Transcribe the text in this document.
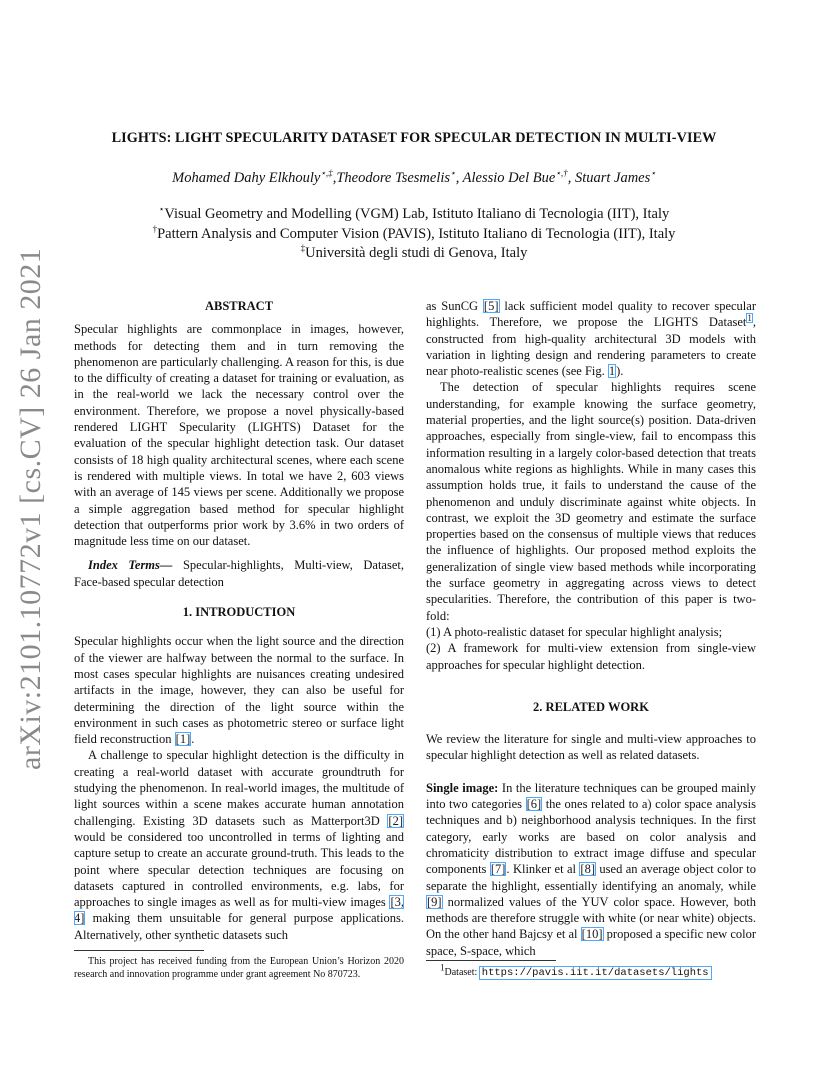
arXiv:2101.10772v1 [cs.CV] 26 Jan 2021
LIGHTS: LIGHT SPECULARITY DATASET FOR SPECULAR DETECTION IN MULTI-VIEW
Mohamed Dahy Elkhouly⋆,‡,Theodore Tsesmelis⋆, Alessio Del Bue⋆,†, Stuart James⋆
⋆Visual Geometry and Modelling (VGM) Lab, Istituto Italiano di Tecnologia (IIT), Italy
†Pattern Analysis and Computer Vision (PAVIS), Istituto Italiano di Tecnologia (IIT), Italy
‡Università degli studi di Genova, Italy
ABSTRACT

Specular highlights are commonplace in images, however, methods for detecting them and in turn removing the phenomenon are particularly challenging. A reason for this, is due to the difficulty of creating a dataset for training or evaluation, as in the real-world we lack the necessary control over the environment. Therefore, we propose a novel physically-based rendered LIGHT Specularity (LIGHTS) Dataset for the evaluation of the specular highlight detection task. Our dataset consists of 18 high quality architectural scenes, where each scene is rendered with multiple views. In total we have 2, 603 views with an average of 145 views per scene. Additionally we propose a simple aggregation based method for specular highlight detection that outperforms prior work by 3.6% in two orders of magnitude less time on our dataset.

Index Terms— Specular-highlights, Multi-view, Dataset, Face-based specular detection

1. INTRODUCTION

Specular highlights occur when the light source and the direction of the viewer are halfway between the normal to the surface. In most cases specular highlights are nuisances creating undesired artifacts in the image, however, they can also be useful for determining the direction of the light source within the environment in such cases as photometric stereo or surface light field reconstruction [1].

A challenge to specular highlight detection is the difficulty in creating a real-world dataset with accurate groundtruth for studying the phenomenon. In real-world images, the multitude of light sources within a scene makes accurate human annotation challenging. Existing 3D datasets such as Matterport3D [2] would be considered too uncontrolled in terms of lighting and capture setup to create an accurate ground-truth. This leads to the point where specular detection techniques are focusing on datasets captured in controlled environments, e.g. labs, for approaches to single images as well as for multi-view images [3, 4] making them unsuitable for general purpose applications. Alternatively, other synthetic datasets such

This project has received funding from the European Union’s Horizon 2020 research and innovation programme under grant agreement No 870723.

as SunCG [5] lack sufficient model quality to recover specular highlights. Therefore, we propose the LIGHTS Dataset$^1$, constructed from high-quality architectural 3D models with variation in lighting design and rendering parameters to create near photo-realistic scenes (see Fig. 1).

The detection of specular highlights requires scene understanding, for example knowing the surface geometry, material properties, and the light source(s) position. Data-driven approaches, especially from single-view, fail to encompass this information resulting in a largely color-based detection that treats anomalous white regions as highlights. While in many cases this assumption holds true, it fails to understand the cause of the phenomenon and unduly discriminate against white objects. In contrast, we exploit the 3D geometry and estimate the surface properties based on the consensus of multiple views that reduces the influence of highlights. Our proposed method exploits the generalization of single view based methods while incorporating the surface geometry in aggregating across views to detect specularities. Therefore, the contribution of this paper is two-fold:

(1) A photo-realistic dataset for specular highlight analysis;

(2) A framework for multi-view extension from single-view approaches for specular highlight detection.

2. RELATED WORK

We review the literature for single and multi-view approaches to specular highlight detection as well as related datasets.

Single image: In the literature techniques can be grouped mainly into two categories [6] the ones related to a) color space analysis techniques and b) neighborhood analysis techniques. In the first category, early works are based on color analysis and chromaticity distribution to extract image diffuse and specular components [7]. Klinker et al [8] used an average object color to separate the highlight, essentially identifying an anomaly, while [9] normalized values of the YUV color space. However, both methods are therefore struggle with white (or near white) objects. On the other hand Bajcsy et al [10] proposed a specific new color space, S-space, which

$^1$Dataset: https://pavis.iit.it/datasets/lights
